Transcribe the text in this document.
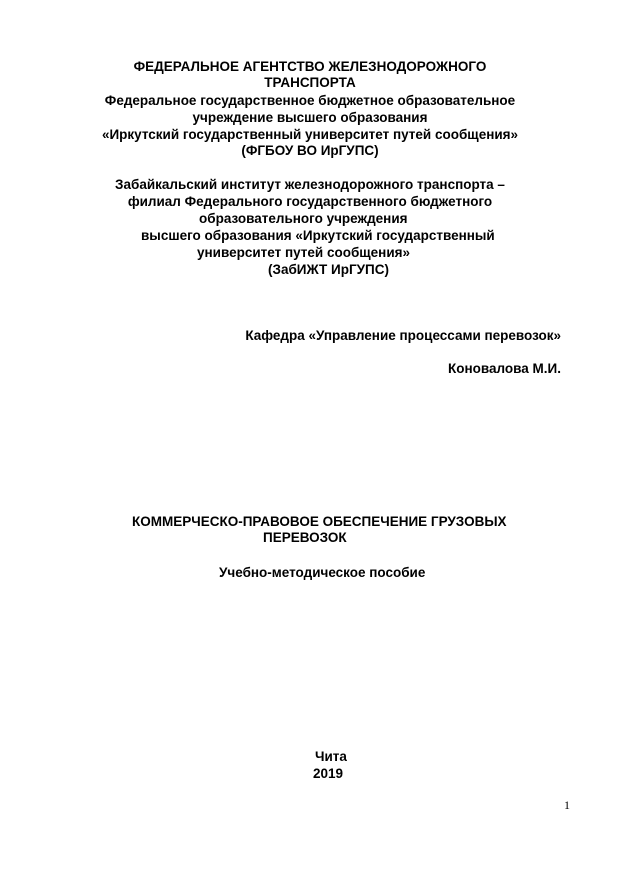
ФЕДЕРАЛЬНОЕ АГЕНТСТВО ЖЕЛЕЗНОДОРОЖНОГО
ТРАНСПОРТА
Федеральное государственное бюджетное образовательное
учреждение высшего образования
«Иркутский государственный университет путей сообщения»
(ФГБОУ ВО ИрГУПС)
Забайкальский институт железнодорожного транспорта –
филиал Федерального государственного бюджетного
образовательного учреждения
высшего образования «Иркутский государственный
университет путей сообщения»
(ЗабИЖТ ИрГУПС)
Кафедра «Управление процессами перевозок»
Коновалова М.И.
КОММЕРЧЕСКО-ПРАВОВОЕ ОБЕСПЕЧЕНИЕ ГРУЗОВЫХ
ПЕРЕВОЗОК
Учебно-методическое пособие
Чита
2019
1
